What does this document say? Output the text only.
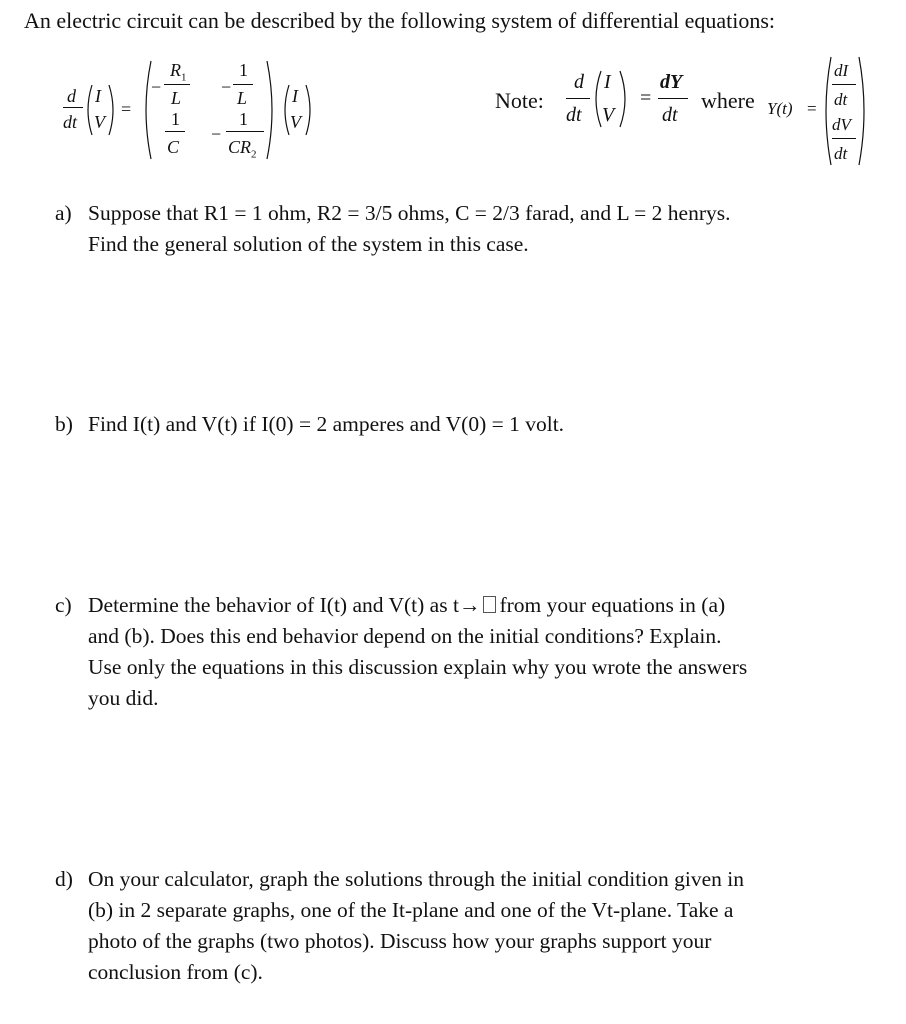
An electric circuit can be described by the following system of differential equations:
d
dt
I
V
=
−
$R_1$
L
−
1
L
1
C
−
1
$CR_2$
I
V
Note:
d
dt
I
V
=
dY
dt
where Y(t) =
dI
dt
dV
dt
a) Suppose that R1 = 1 ohm, R2 = 3/5 ohms, C = 2/3 farad, and L = 2 henrys.
Find the general solution of the system in this case.
b) Find I(t) and V(t) if I(0) = 2 amperes and V(0) = 1 volt.
c) Determine the behavior of I(t) and V(t) as t→ from your equations in (a)
and (b). Does this end behavior depend on the initial conditions? Explain.
Use only the equations in this discussion explain why you wrote the answers
you did.
d) On your calculator, graph the solutions through the initial condition given in
(b) in 2 separate graphs, one of the It-plane and one of the Vt-plane. Take a
photo of the graphs (two photos). Discuss how your graphs support your
conclusion from (c).
